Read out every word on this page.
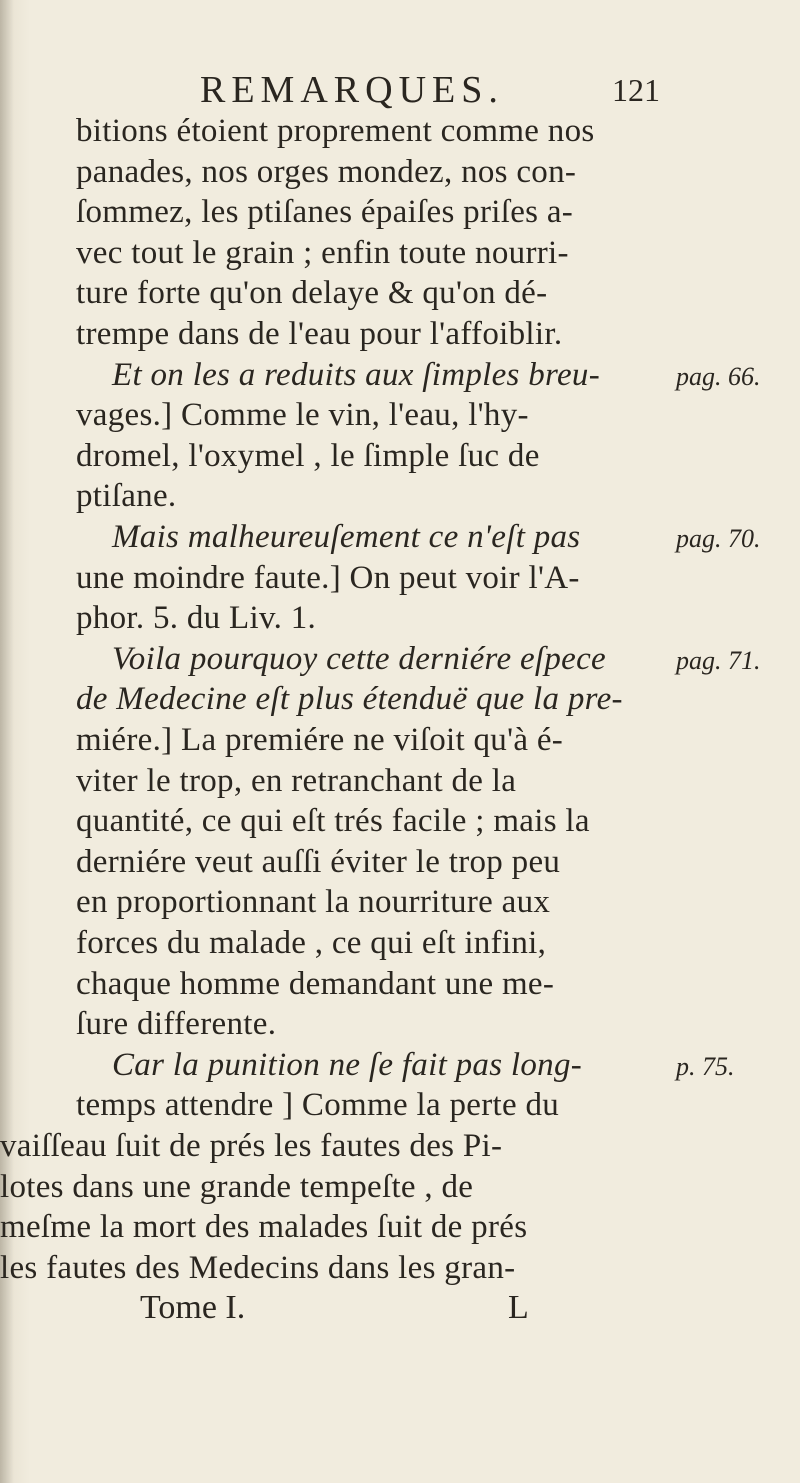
REMARQUES.	121
bitions étoient proprement comme nos
panades, nos orges mondez, nos con-
ſommez, les ptiſanes épaiſes priſes a-
vec tout le grain ; enfin toute nourri-
ture forte qu'on delaye & qu'on dé-
trempe dans de l'eau pour l'affoiblir.
Et on les a reduits aux ſimples breu-
vages.] Comme le vin, l'eau, l'hy-
dromel, l'oxymel , le ſimple ſuc de
ptiſane.
Mais malheureuſement ce n'eſt pas
une moindre faute.] On peut voir l'A-
phor. 5. du Liv. 1.
Voila pourquoy cette derniére eſpece
de Medecine eſt plus étenduë que la pre-
miére.] La premiére ne viſoit qu'à é-
viter le trop, en retranchant de la
quantité, ce qui eſt trés facile ; mais la
derniére veut auſſi éviter le trop peu
en proportionnant la nourriture aux
forces du malade , ce qui eſt infini,
chaque homme demandant une me-
ſure differente.
Car la punition ne ſe fait pas long-
temps attendre ] Comme la perte du
pag. 66.
pag. 70.
pag. 71.
p. 75.
Tome I.	L
vaiſſeau ſuit de prés les fautes des Pi-
lotes dans une grande tempeſte , de
meſme la mort des malades ſuit de prés
les fautes des Medecins dans les gran-
